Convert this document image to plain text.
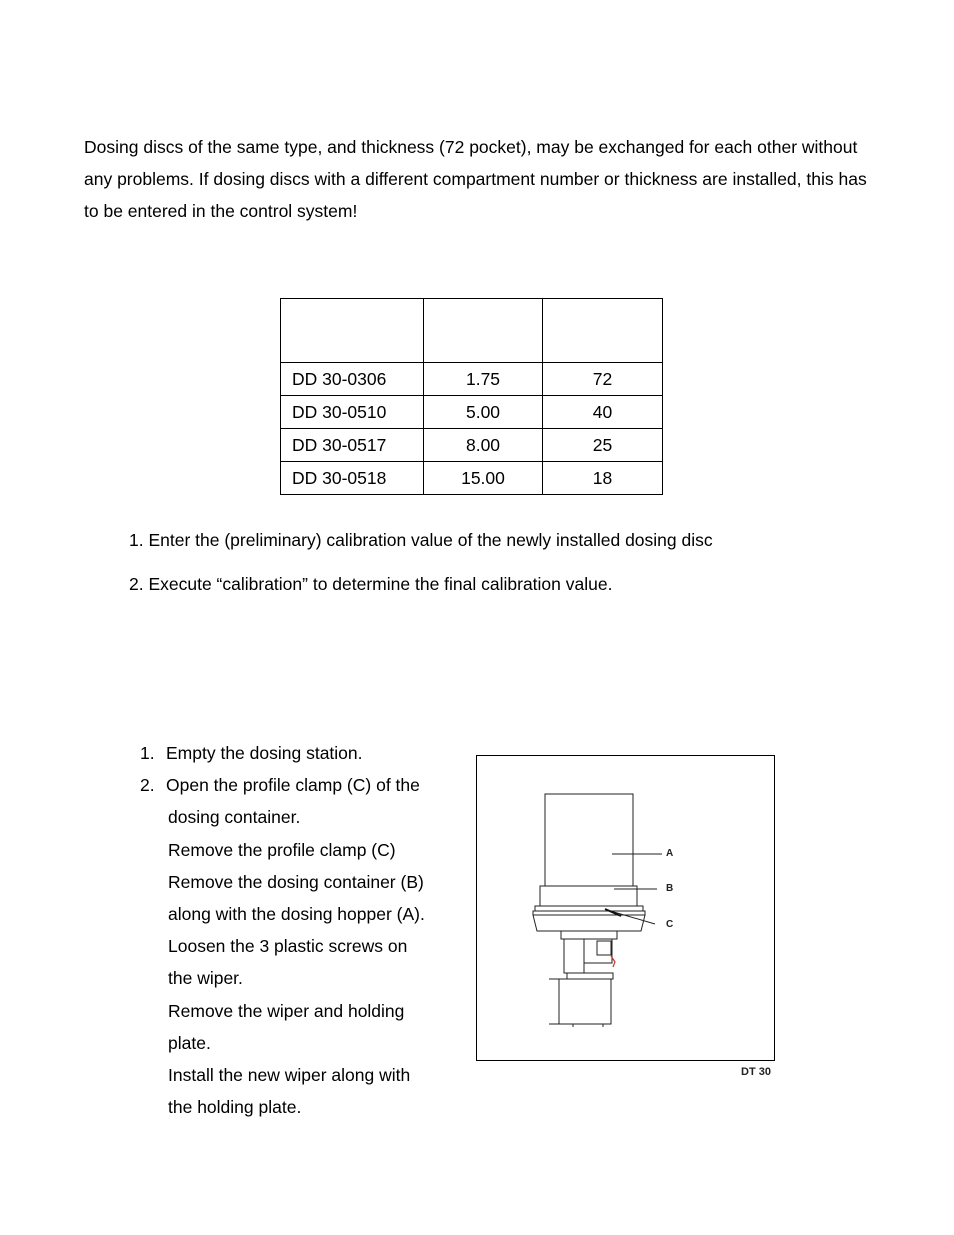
Dosing discs of the same type, and thickness (72 pocket), may be exchanged for each other without any problems. If dosing discs with a different compartment number or thickness are installed, this has to be entered in the control system!

DD 30-0306	1.75	72
DD 30-0510	5.00	40
DD 30-0517	8.00	25
DD 30-0518	15.00	18
1. Enter the (preliminary) calibration value of the newly installed dosing disc
2. Execute “calibration” to determine the final calibration value.
1. Empty the dosing station.
2. Open the profile clamp (C) of the
dosing container.
Remove the profile clamp (C)
Remove the dosing container (B)
along with the dosing hopper (A).
Loosen the 3 plastic screws on
the wiper.
Remove the wiper and holding
plate.
Install the new wiper along with
the holding plate.
A
B
C
DT 30
